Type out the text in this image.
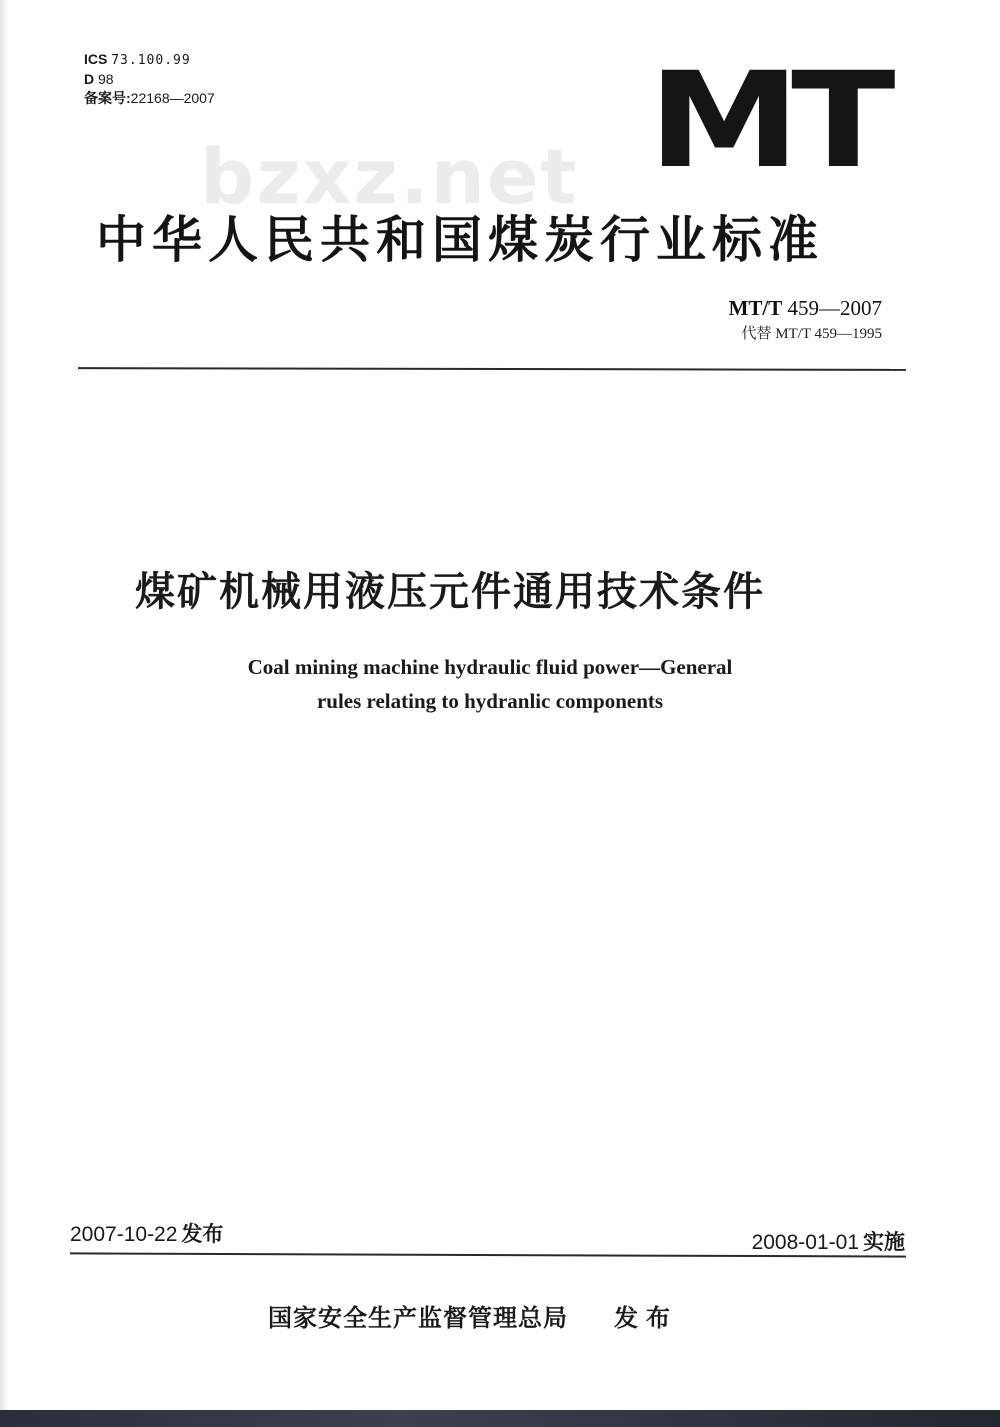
ICS 73.100.99
D 98
备案号:22168—2007	MT
bzxz.net
中华人民共和国煤炭行业标准
MT/T 459—2007
代替 MT/T 459—1995
煤矿机械用液压元件通用技术条件
Coal mining machine hydraulic fluid power—General
rules relating to hydranlic components
2007-10-22 发布	2008-01-01 实施
国家安全生产监督管理总局 发布
